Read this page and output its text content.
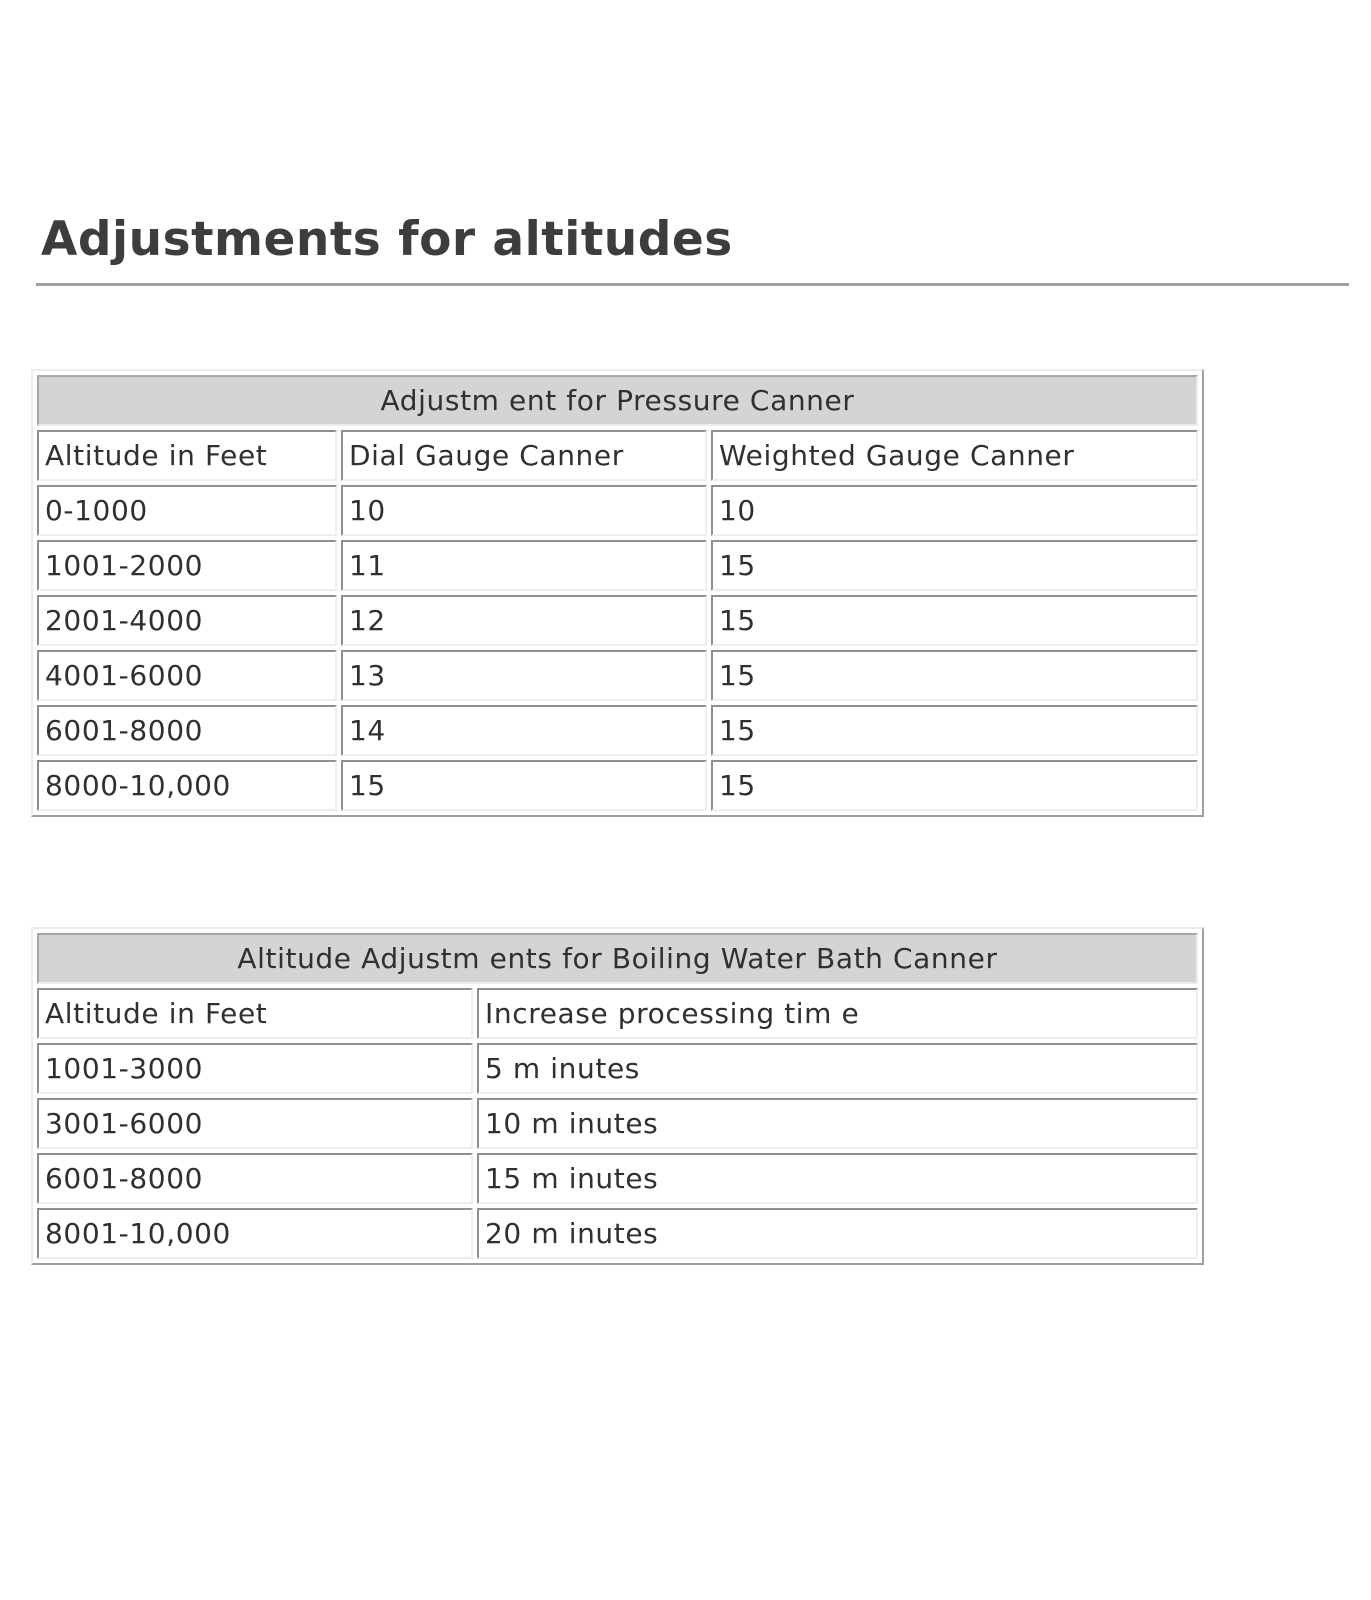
Adjustments for altitudes
Adjustm ent for Pressure Canner		
Altitude in Feet	Dial Gauge Canner	Weighted Gauge Canner
0-1000	10	10
1001-2000	11	15
2001-4000	12	15
4001-6000	13	15
6001-8000	14	15
8000-10,000	15	15
Altitude Adjustm ents for Boiling Water Bath Canner	
Altitude in Feet	Increase processing tim e
1001-3000	5 m inutes
3001-6000	10 m inutes
6001-8000	15 m inutes
8001-10,000	20 m inutes
